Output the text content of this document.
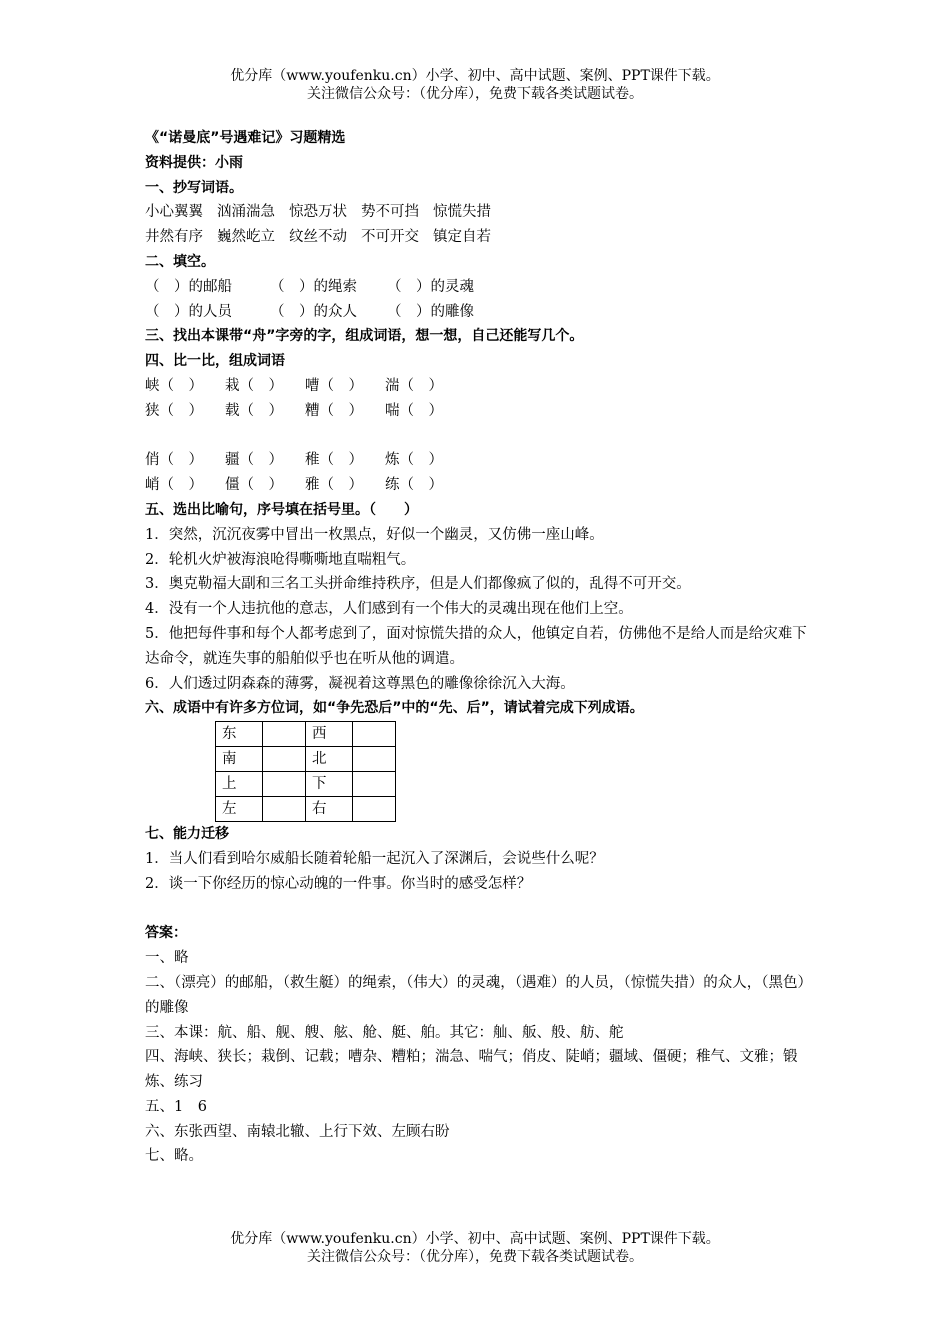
优分库（www.youfenku.cn）小学、初中、高中试题、案例、PPT课件下载。

关注微信公众号：（优分库），免费下载各类试题试卷。

《“诺曼底”号遇难记》习题精选
资料提供：小雨
一、抄写词语。
小心翼翼 汹涌湍急 惊恐万状 势不可挡 惊慌失措
井然有序 巍然屹立 纹丝不动 不可开交 镇定自若
二、填空。
（　）的邮船	（　）的绳索 （　）的灵魂
（　）的人员	（　）的众人 （　）的雕像
三、找出本课带“舟”字旁的字，组成词语，想一想，自己还能写几个。
四、比一比，组成词语
峡（　） 栽（　） 嘈（　） 湍（　）
狭（　） 载（　） 糟（　） 喘（　）
俏（　） 疆（　） 稚（　） 炼（　）
峭（　） 僵（　） 雅（　） 练（　）
五、选出比喻句，序号填在括号里。（　　）
1．突然，沉沉夜雾中冒出一枚黑点，好似一个幽灵，又仿佛一座山峰。
2．轮机火炉被海浪呛得嘶嘶地直喘粗气。
3．奥克勒福大副和三名工头拼命维持秩序，但是人们都像疯了似的，乱得不可开交。
4．没有一个人违抗他的意志，人们感到有一个伟大的灵魂出现在他们上空。
5．他把每件事和每个人都考虑到了，面对惊慌失措的众人，他镇定自若，仿佛他不是给人而是给灾难下达命令，就连失事的船舶似乎也在听从他的调遣。
6．人们透过阴森森的薄雾，凝视着这尊黑色的雕像徐徐沉入大海。
六、成语中有许多方位词，如“争先恐后”中的“先、后”，请试着完成下列成语。
东		西	
南		北	
上		下	
左		右	
七、能力迁移
1．当人们看到哈尔威船长随着轮船一起沉入了深渊后，会说些什么呢？
2．谈一下你经历的惊心动魄的一件事。你当时的感受怎样？
答案：
一、略
二、（漂亮）的邮船，（救生艇）的绳索，（伟大）的灵魂，（遇难）的人员，（惊慌失措）的众人，（黑色）的雕像
三、本课：航、船、舰、艘、舷、舱、艇、舶。其它：舢、舨、般、舫、舵
四、海峡、狭长；栽倒、记载；嘈杂、糟粕；湍急、喘气；俏皮、陡峭；疆域、僵硬；稚气、文雅；锻炼、练习
五、1　6
六、东张西望、南辕北辙、上行下效、左顾右盼
七、略。

优分库（www.youfenku.cn）小学、初中、高中试题、案例、PPT课件下载。

关注微信公众号：（优分库），免费下载各类试题试卷。
